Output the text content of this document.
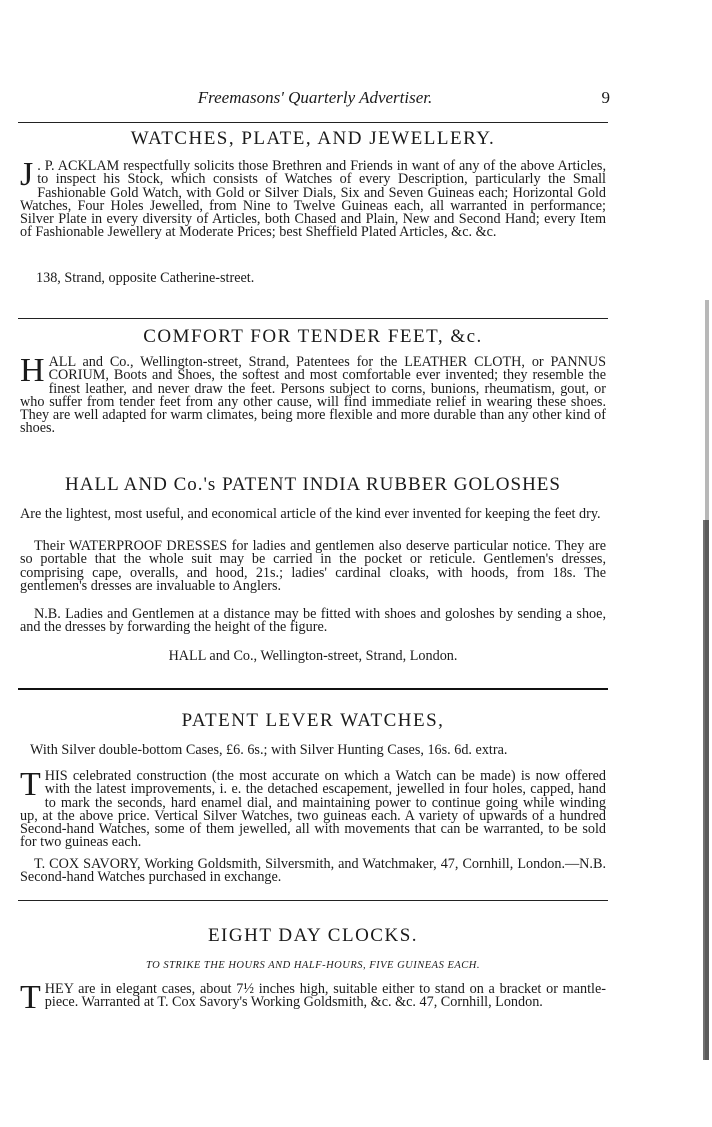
Freemasons' Quarterly Advertiser.	9
WATCHES, PLATE, AND JEWELLERY.

J . P. ACKLAM respectfully solicits those Brethren and Friends in want of any of the above Articles, to inspect his Stock, which consists of Watches of every Description, particularly the Small Fashionable Gold Watch, with Gold or Silver Dials, Six and Seven Guineas each; Horizontal Gold Watches, Four Holes Jewelled, from Nine to Twelve Guineas each, all warranted in performance; Silver Plate in every diversity of Articles, both Chased and Plain, New and Second Hand; every Item of Fashionable Jewellery at Moderate Prices; best Sheffield Plated Articles, &c. &c.

138, Strand, opposite Catherine-street.

COMFORT FOR TENDER FEET, &c.

HALL and Co., Wellington-street, Strand, Patentees for the LEATHER CLOTH, or PANNUS CORIUM, Boots and Shoes, the softest and most comfortable ever invented; they resemble the finest leather, and never draw the feet. Persons subject to corns, bunions, rheumatism, gout, or who suffer from tender feet from any other cause, will find immediate relief in wearing these shoes. They are well adapted for warm climates, being more flexible and more durable than any other kind of shoes.

HALL AND Co.'s PATENT INDIA RUBBER GOLOSHES

Are the lightest, most useful, and economical article of the kind ever invented for keeping the feet dry.

Their WATERPROOF DRESSES for ladies and gentlemen also deserve particular notice. They are so portable that the whole suit may be carried in the pocket or reticule. Gentlemen's dresses, comprising cape, overalls, and hood, 21s.; ladies' cardinal cloaks, with hoods, from 18s. The gentlemen's dresses are invaluable to Anglers.

N.B. Ladies and Gentlemen at a distance may be fitted with shoes and goloshes by sending a shoe, and the dresses by forwarding the height of the figure.

HALL and Co., Wellington-street, Strand, London.

PATENT LEVER WATCHES,

With Silver double-bottom Cases, £6. 6s.; with Silver Hunting Cases, 16s. 6d. extra.

THIS celebrated construction (the most accurate on which a Watch can be made) is now offered with the latest improvements, i. e. the detached escapement, jewelled in four holes, capped, hand to mark the seconds, hard enamel dial, and maintaining power to continue going while winding up, at the above price. Vertical Silver Watches, two guineas each. A variety of upwards of a hundred Second-hand Watches, some of them jewelled, all with movements that can be warranted, to be sold for two guineas each.

T. COX SAVORY, Working Goldsmith, Silversmith, and Watchmaker, 47, Cornhill, London.—N.B. Second-hand Watches purchased in exchange.

EIGHT DAY CLOCKS.

TO STRIKE THE HOURS AND HALF-HOURS, FIVE GUINEAS EACH.

THEY are in elegant cases, about 7½ inches high, suitable either to stand on a bracket or mantle-piece. Warranted at T. Cox Savory's Working Goldsmith, &c. &c. 47, Cornhill, London.
